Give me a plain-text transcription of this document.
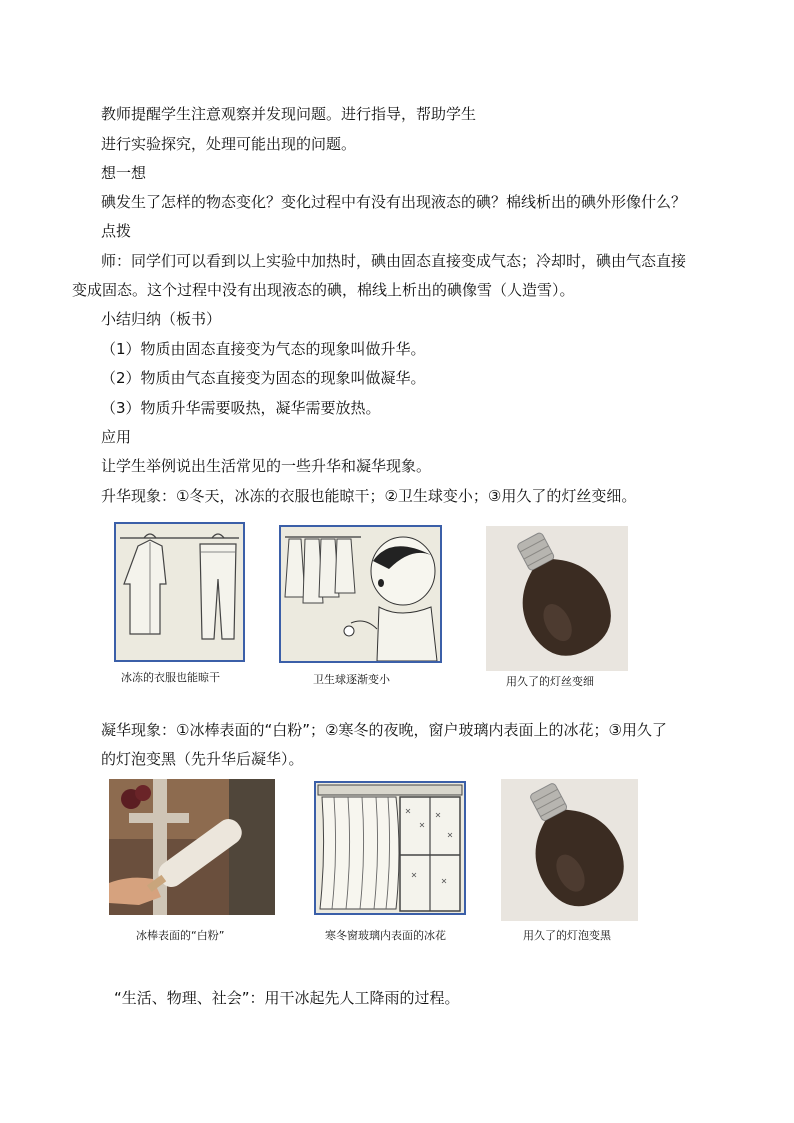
教师提醒学生注意观察并发现问题。进行指导，帮助学生
进行实验探究，处理可能出现的问题。
想一想
碘发生了怎样的物态变化？变化过程中有没有出现液态的碘？棉线析出的碘外形像什么？
点拨
师：同学们可以看到以上实验中加热时，碘由固态直接变成气态；冷却时，碘由气态直接
变成固态。这个过程中没有出现液态的碘，棉线上析出的碘像雪（人造雪）。
小结归纳（板书）
（1）物质由固态直接变为气态的现象叫做升华。
（2）物质由气态直接变为固态的现象叫做凝华。
（3）物质升华需要吸热，凝华需要放热。
应用
让学生举例说出生活常见的一些升华和凝华现象。
升华现象：①冬天，冰冻的衣服也能晾干；②卫生球变小；③用久了的灯丝变细。
冰冻的衣服也能晾干	卫生球逐渐变小	用久了的灯丝变细
凝华现象：①冰棒表面的“白粉”；②寒冬的夜晚，窗户玻璃内表面上的冰花；③用久了
的灯泡变黑（先升华后凝华）。
冰棒表面的“白粉”	寒冬窗玻璃内表面的冰花	用久了的灯泡变黑
“生活、物理、社会”：用干冰起先人工降雨的过程。
